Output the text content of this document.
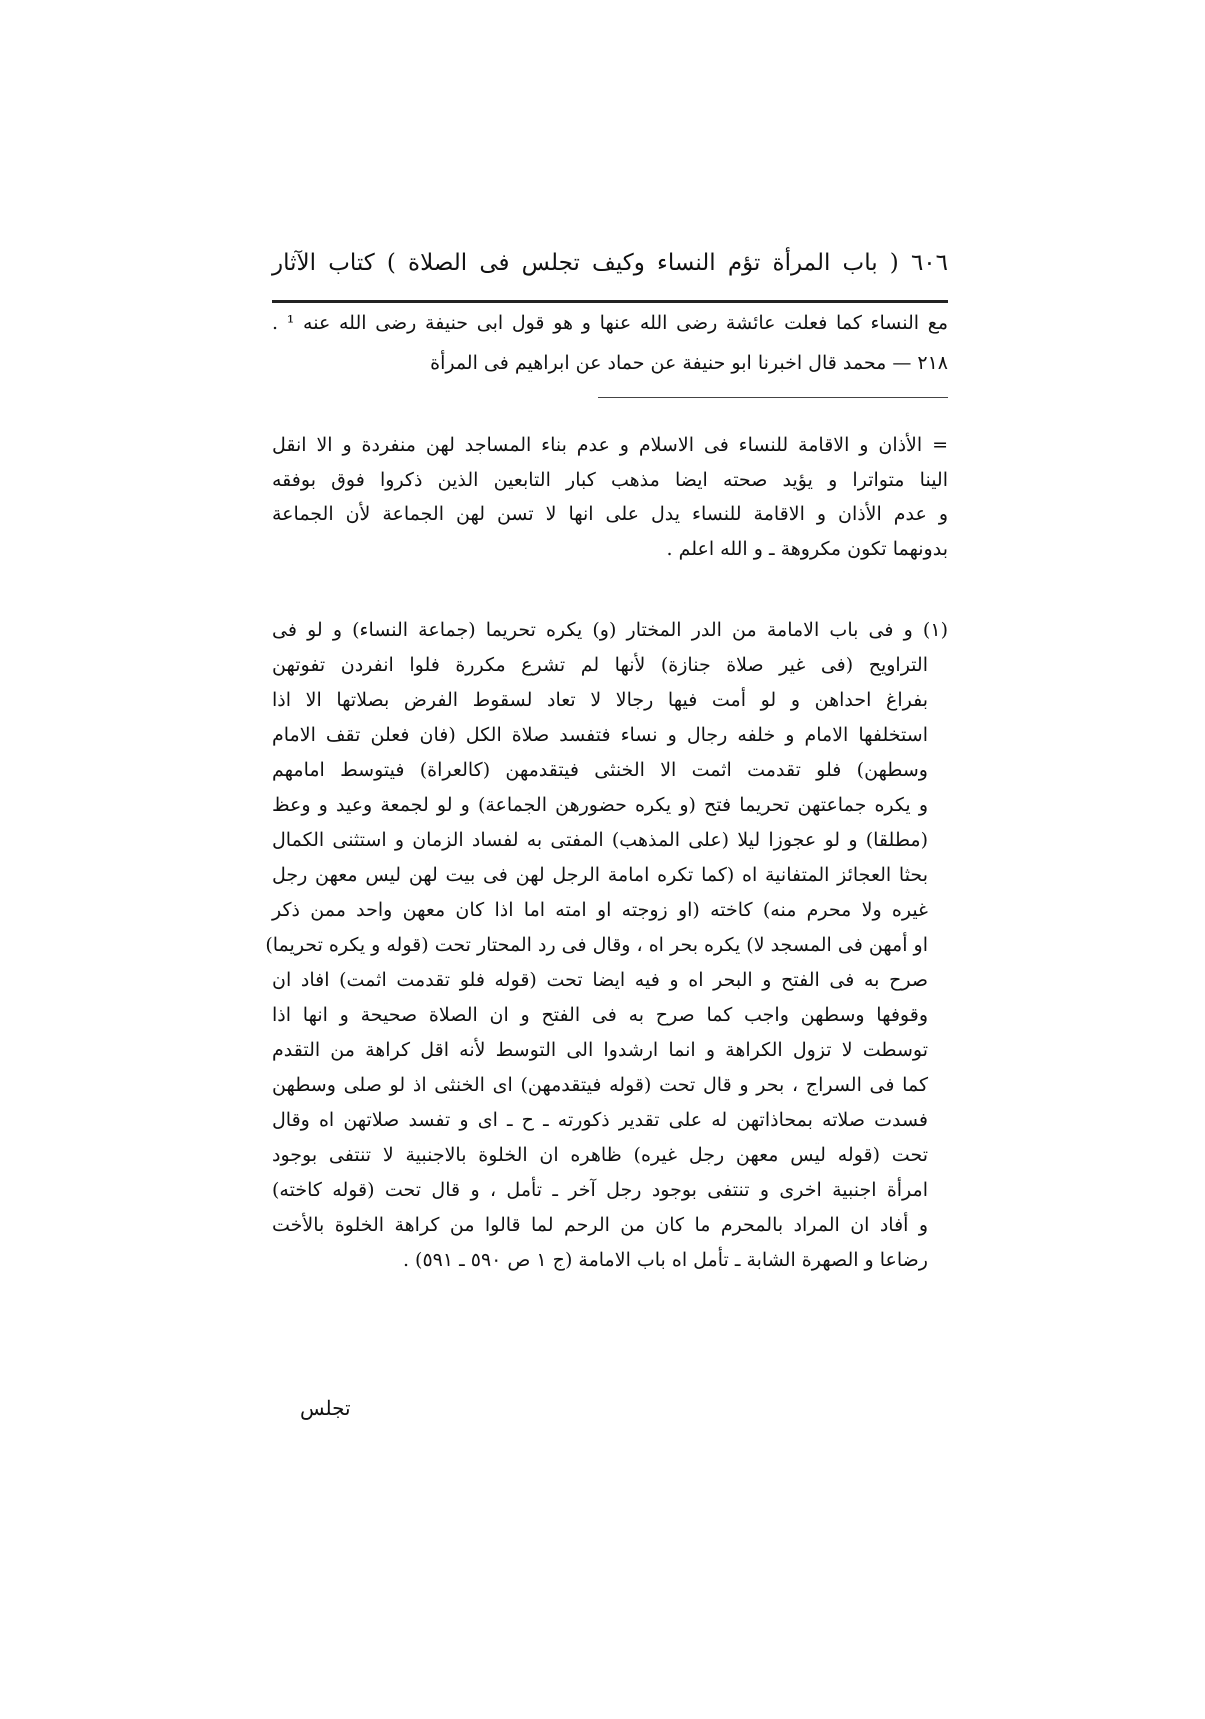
٦٠٦ ( باب المرأة تؤم النساء وكيف تجلس فى الصلاة ) كتاب الآثار
مع النساء كما فعلت عائشة رضى الله عنها و هو قول ابى حنيفة رضى الله عنه ¹ .
٢١٨ — محمد قال اخبرنا ابو حنيفة عن حماد عن ابراهيم فى المرأة
= الأذان و الاقامة للنساء فى الاسلام و عدم بناء المساجد لهن منفردة و الا انقل
الينا متواترا و يؤيد صحته ايضا مذهب كبار التابعين الذين ذكروا فوق بوفقه
و عدم الأذان و الاقامة للنساء يدل على انها لا تسن لهن الجماعة لأن الجماعة
بدونهما تكون مكروهة ـ و الله اعلم .
(١) و فى باب الامامة من الدر المختار (و) يكره تحريما (جماعة النساء) و لو فى
التراويح (فى غير صلاة جنازة) لأنها لم تشرع مكررة فلوا انفردن تفوتهن
بفراغ احداهن و لو أمت فيها رجالا لا تعاد لسقوط الفرض بصلاتها الا اذا
استخلفها الامام و خلفه رجال و نساء فتفسد صلاة الكل (فان فعلن تقف الامام
وسطهن) فلو تقدمت اثمت الا الخنثى فيتقدمهن (كالعراة) فيتوسط امامهم
و يكره جماعتهن تحريما فتح (و يكره حضورهن الجماعة) و لو لجمعة وعيد و وعظ
(مطلقا) و لو عجوزا ليلا (على المذهب) المفتى به لفساد الزمان و استثنى الكمال
بحثا العجائز المتفانية اه (كما تكره امامة الرجل لهن فى بيت لهن ليس معهن رجل
غيره ولا محرم منه) كاخته (او زوجته او امته اما اذا كان معهن واحد ممن ذكر
او أمهن فى المسجد لا) يكره بحر اه ، وقال فى رد المحتار تحت (قوله و يكره تحريما)
صرح به فى الفتح و البحر اه و فيه ايضا تحت (قوله فلو تقدمت اثمت) افاد ان
وقوفها وسطهن واجب كما صرح به فى الفتح و ان الصلاة صحيحة و انها اذا
توسطت لا تزول الكراهة و انما ارشدوا الى التوسط لأنه اقل كراهة من التقدم
كما فى السراج ، بحر و قال تحت (قوله فيتقدمهن) اى الخنثى اذ لو صلى وسطهن
فسدت صلاته بمحاذاتهن له على تقدير ذكورته ـ ح ـ اى و تفسد صلاتهن اه وقال
تحت (قوله ليس معهن رجل غيره) ظاهره ان الخلوة بالاجنبية لا تنتفى بوجود
امرأة اجنبية اخرى و تنتفى بوجود رجل آخر ـ تأمل ، و قال تحت (قوله كاخته)
و أفاد ان المراد بالمحرم ما كان من الرحم لما قالوا من كراهة الخلوة بالأخت
رضاعا و الصهرة الشابة ـ تأمل اه باب الامامة (ج ١ ص ٥٩٠ ـ ٥٩١) .
تجلس
